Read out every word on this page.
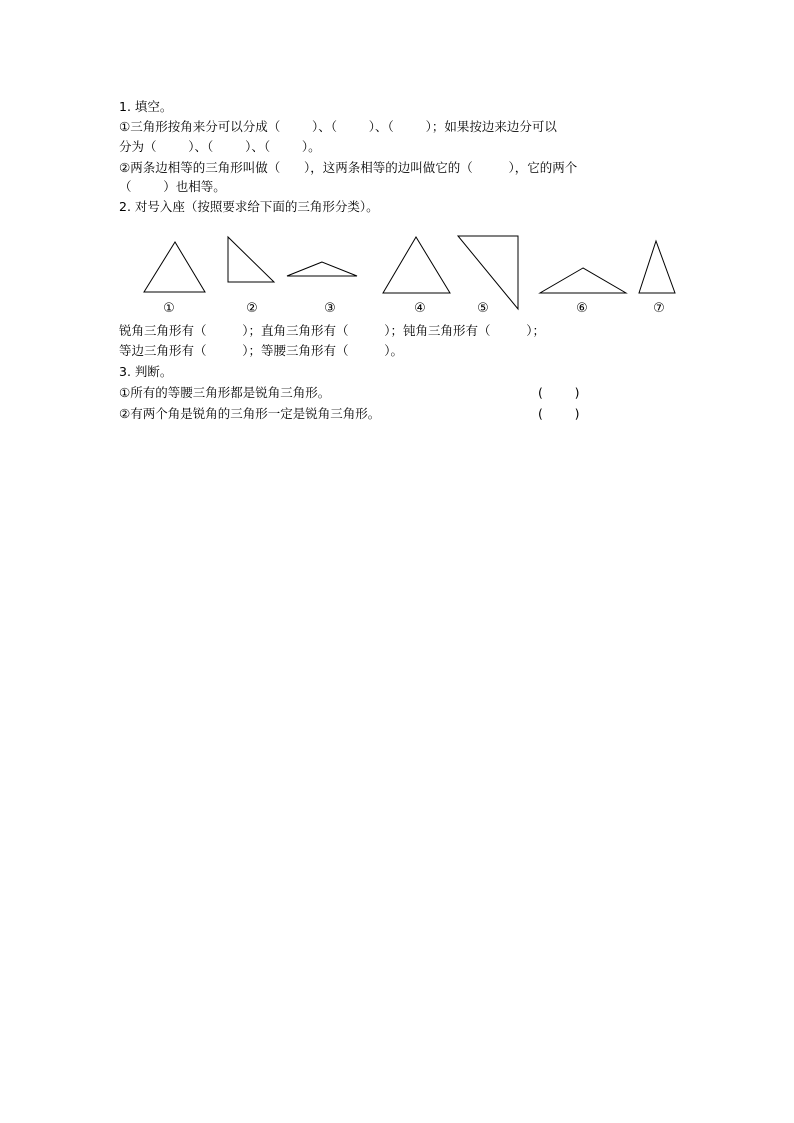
1. 填空。

①三角形按角来分可以分成（        ）、（        ）、（        ）；如果按边来边分可以

分为（        ）、（        ）、（        ）。

②两条边相等的三角形叫做（      ），这两条相等的边叫做它的（         ），它的两个

（        ）也相等。

2. 对号入座（按照要求给下面的三角形分类）。

①	②	③	④	⑤	⑥	⑦

锐角三角形有（         ）；直角三角形有（         ）；钝角三角形有（         ）；

等边三角形有（         ）；等腰三角形有（         ）。

3. 判断。

①所有的等腰三角形都是锐角三角形。	(        )

②有两个角是锐角的三角形一定是锐角三角形。	(        )
